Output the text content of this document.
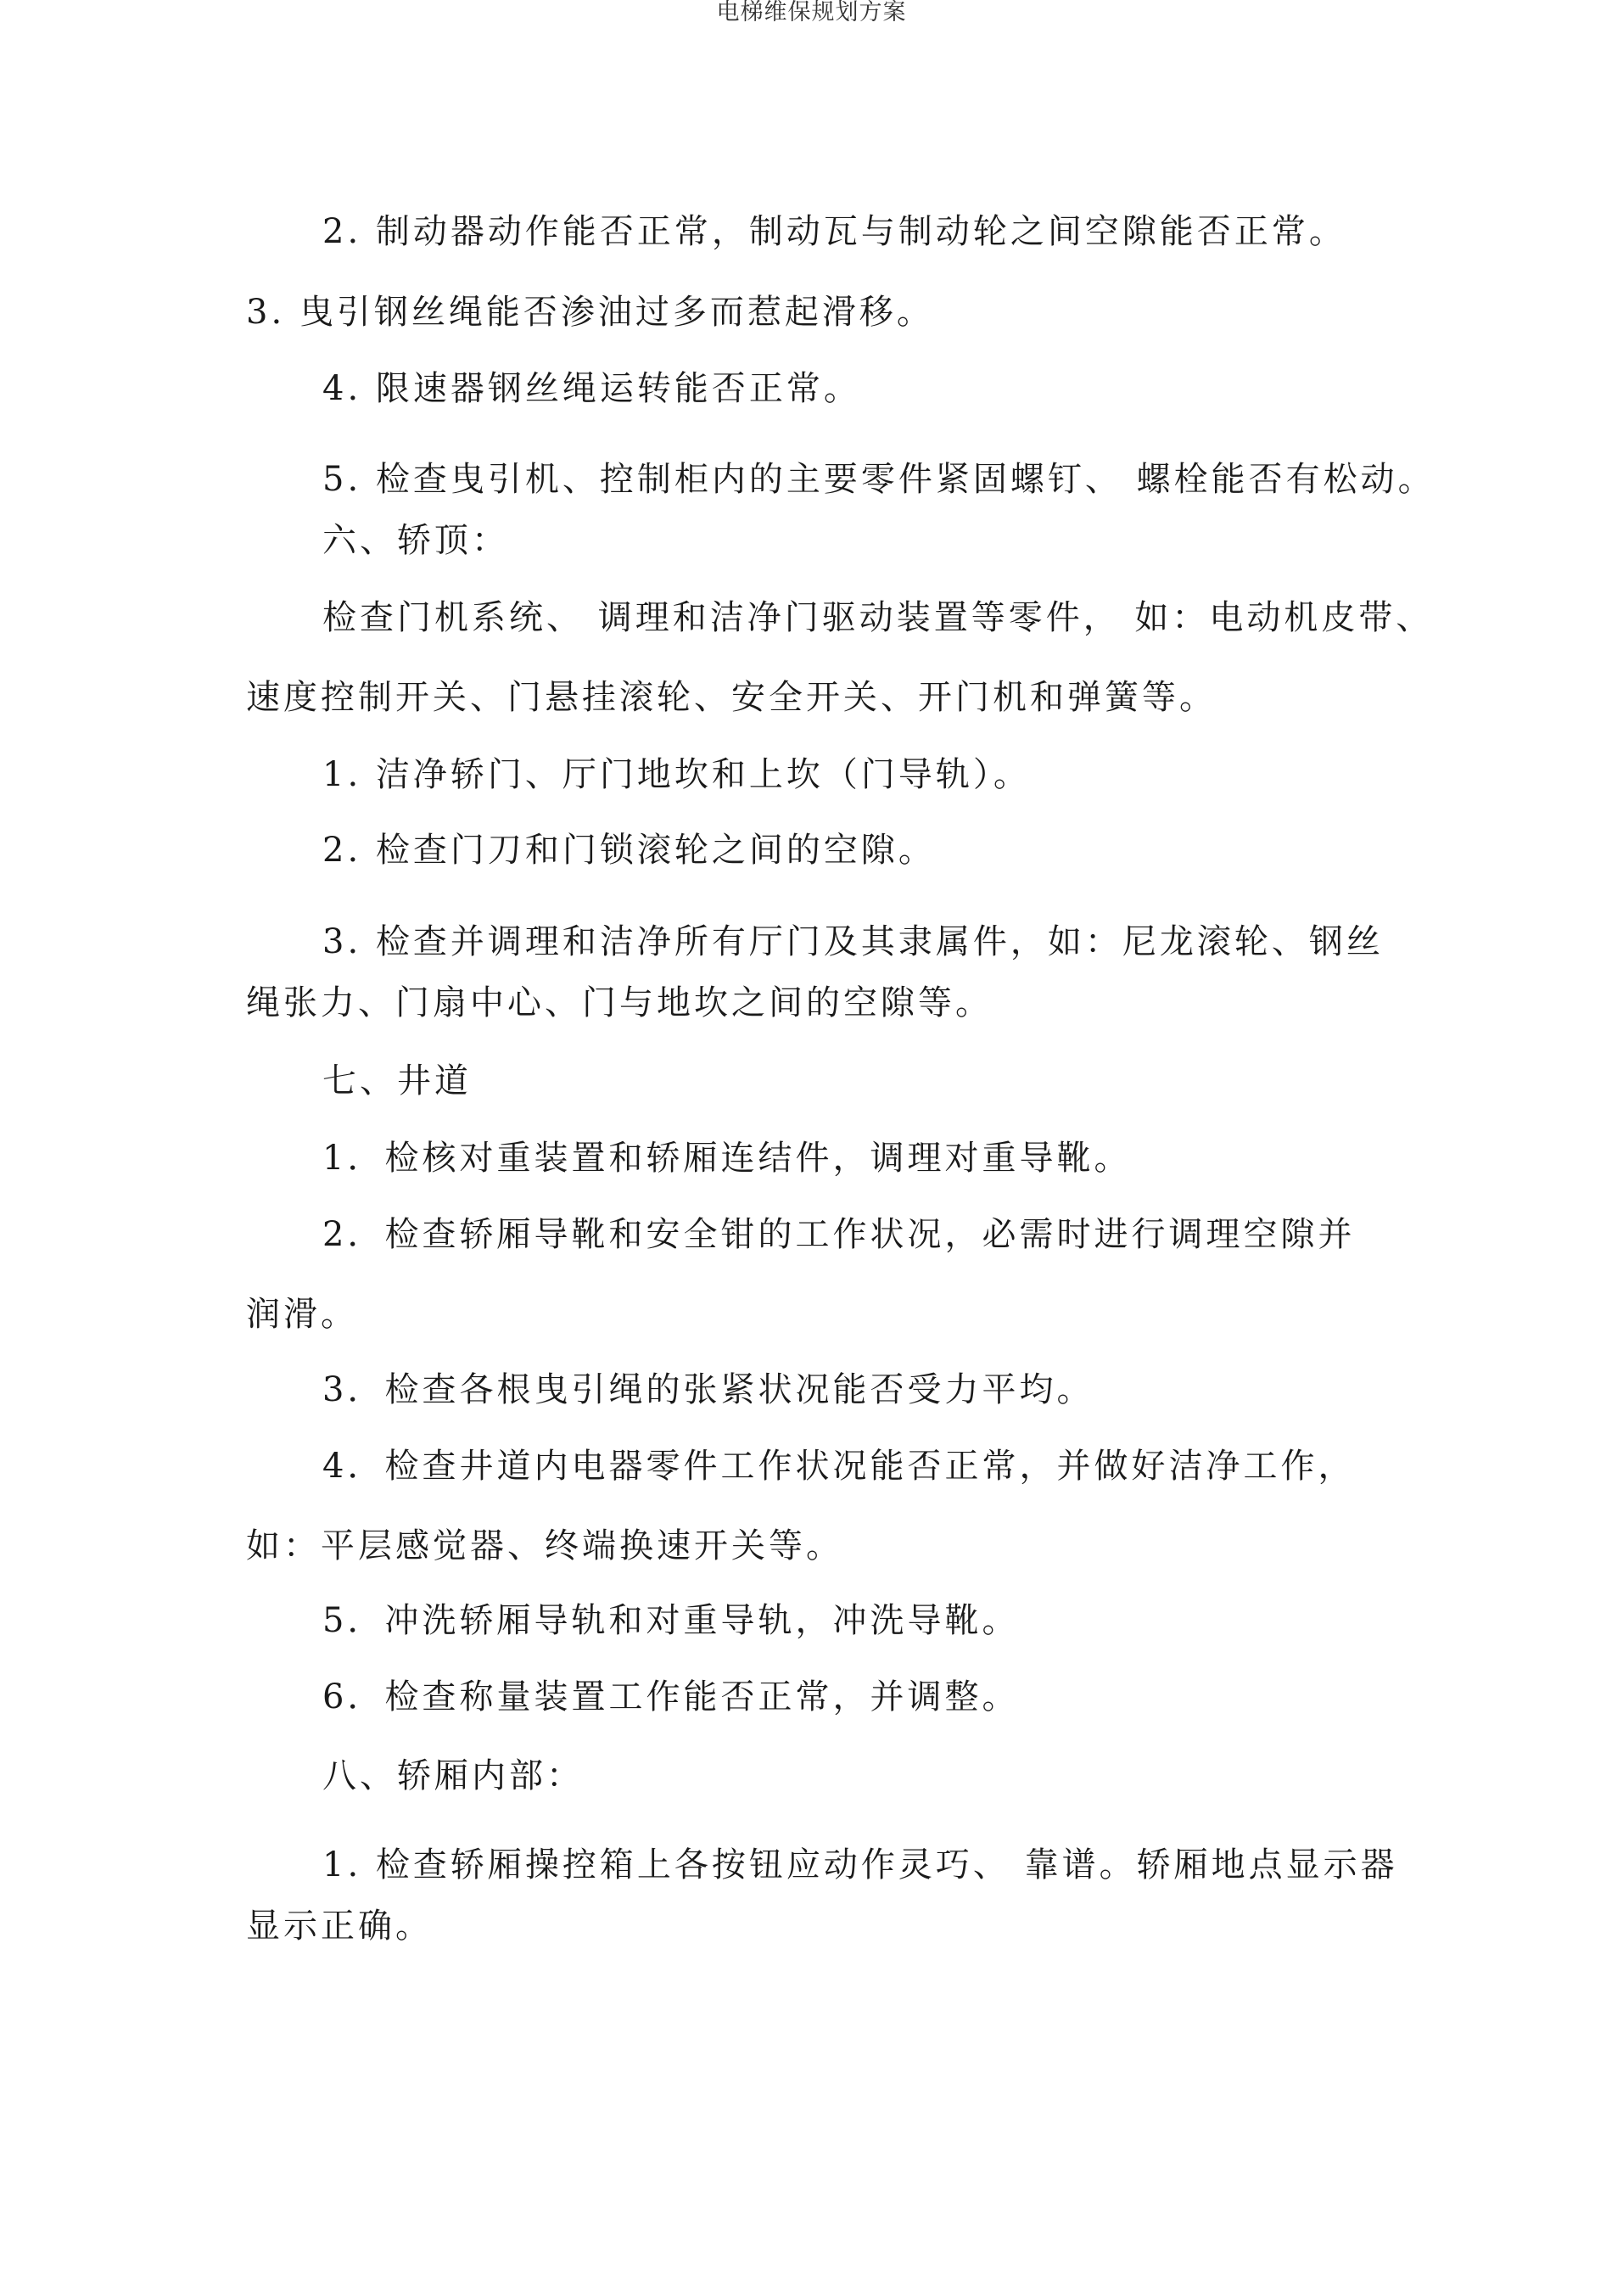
电梯维保规划方案
2. 制动器动作能否正常，制动瓦与制动轮之间空隙能否正常。
3. 曳引钢丝绳能否渗油过多而惹起滑移。
4. 限速器钢丝绳运转能否正常。
5. 检查曳引机、控制柜内的主要零件紧固螺钉、 螺栓能否有松动。
六、轿顶：
检查门机系统、 调理和洁净门驱动装置等零件， 如：电动机皮带、
速度控制开关、门悬挂滚轮、安全开关、开门机和弹簧等。
1. 洁净轿门、厅门地坎和上坎（门导轨）。
2. 检查门刀和门锁滚轮之间的空隙。
3. 检查并调理和洁净所有厅门及其隶属件，如：尼龙滚轮、钢丝
绳张力、门扇中心、门与地坎之间的空隙等。
七、井道
1．检核对重装置和轿厢连结件，调理对重导靴。
2．检查轿厢导靴和安全钳的工作状况，必需时进行调理空隙并
润滑。
3．检查各根曳引绳的张紧状况能否受力平均。
4．检查井道内电器零件工作状况能否正常，并做好洁净工作，
如：平层感觉器、终端换速开关等。
5．冲洗轿厢导轨和对重导轨，冲洗导靴。
6．检查称量装置工作能否正常，并调整。
八、轿厢内部：
1. 检查轿厢操控箱上各按钮应动作灵巧、 靠谱。轿厢地点显示器
显示正确。
